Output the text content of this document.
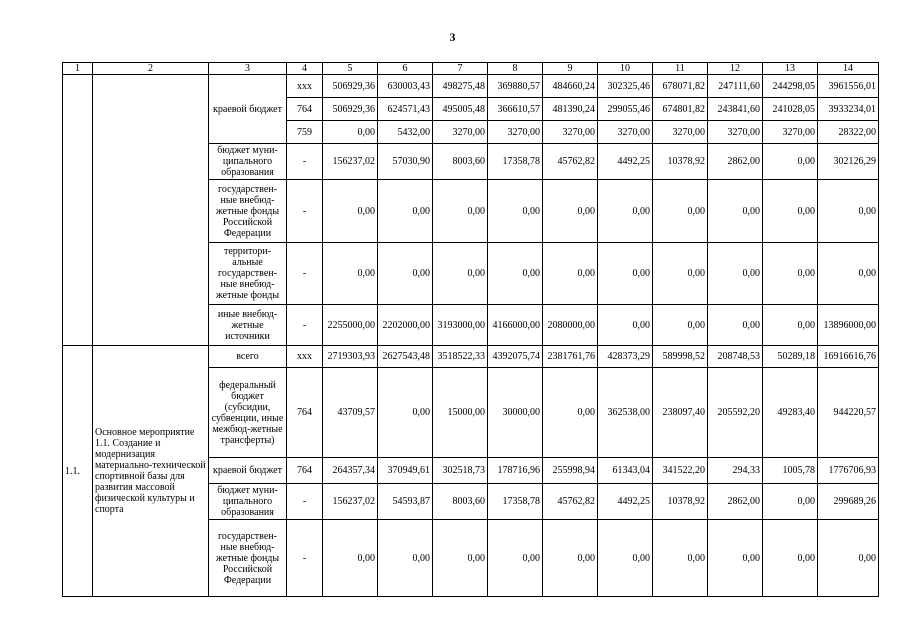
3
1	2	3	4	5	6	7	8	9	10	11	12	13	14
		краевой бюджет	ххх	506929,36	630003,43	498275,48	369880,57	484660,24	302325,46	678071,82	247111,60	244298,05	3961556,01
			764	506929,36	624571,43	495005,48	366610,57	481390,24	299055,46	674801,82	243841,60	241028,05	3933234,01
			759	0,00	5432,00	3270,00	3270,00	3270,00	3270,00	3270,00	3270,00	3270,00	28322,00
		бюджет муни-ципального образования	-	156237,02	57030,90	8003,60	17358,78	45762,82	4492,25	10378,92	2862,00	0,00	302126,29
		государствен-ные внебюд-жетные фонды Российской Федерации	-	0,00	0,00	0,00	0,00	0,00	0,00	0,00	0,00	0,00	0,00
		территори-альные государствен-ные внебюд-жетные фонды	-	0,00	0,00	0,00	0,00	0,00	0,00	0,00	0,00	0,00	0,00
		иные внебюд-жетные источники	-	2255000,00	2202000,00	3193000,00	4166000,00	2080000,00	0,00	0,00	0,00	0,00	13896000,00
1.1.	Основное мероприятие 1.1. Создание и модернизация материально-технической спортивной базы для развития массовой физической культуры и спорта	всего	ххх	2719303,93	2627543,48	3518522,33	4392075,74	2381761,76	428373,29	589998,52	208748,53	50289,18	16916616,76
		федеральный бюджет (субсидии, субвенции, иные межбюд-жетные трансферты)	764	43709,57	0,00	15000,00	30000,00	0,00	362538,00	238097,40	205592,20	49283,40	944220,57
		краевой бюджет	764	264357,34	370949,61	302518,73	178716,96	255998,94	61343,04	341522,20	294,33	1005,78	1776706,93
		бюджет муни-ципального образования	-	156237,02	54593,87	8003,60	17358,78	45762,82	4492,25	10378,92	2862,00	0,00	299689,26
		государствен-ные внебюд-жетные фонды Российской Федерации	-	0,00	0,00	0,00	0,00	0,00	0,00	0,00	0,00	0,00	0,00
